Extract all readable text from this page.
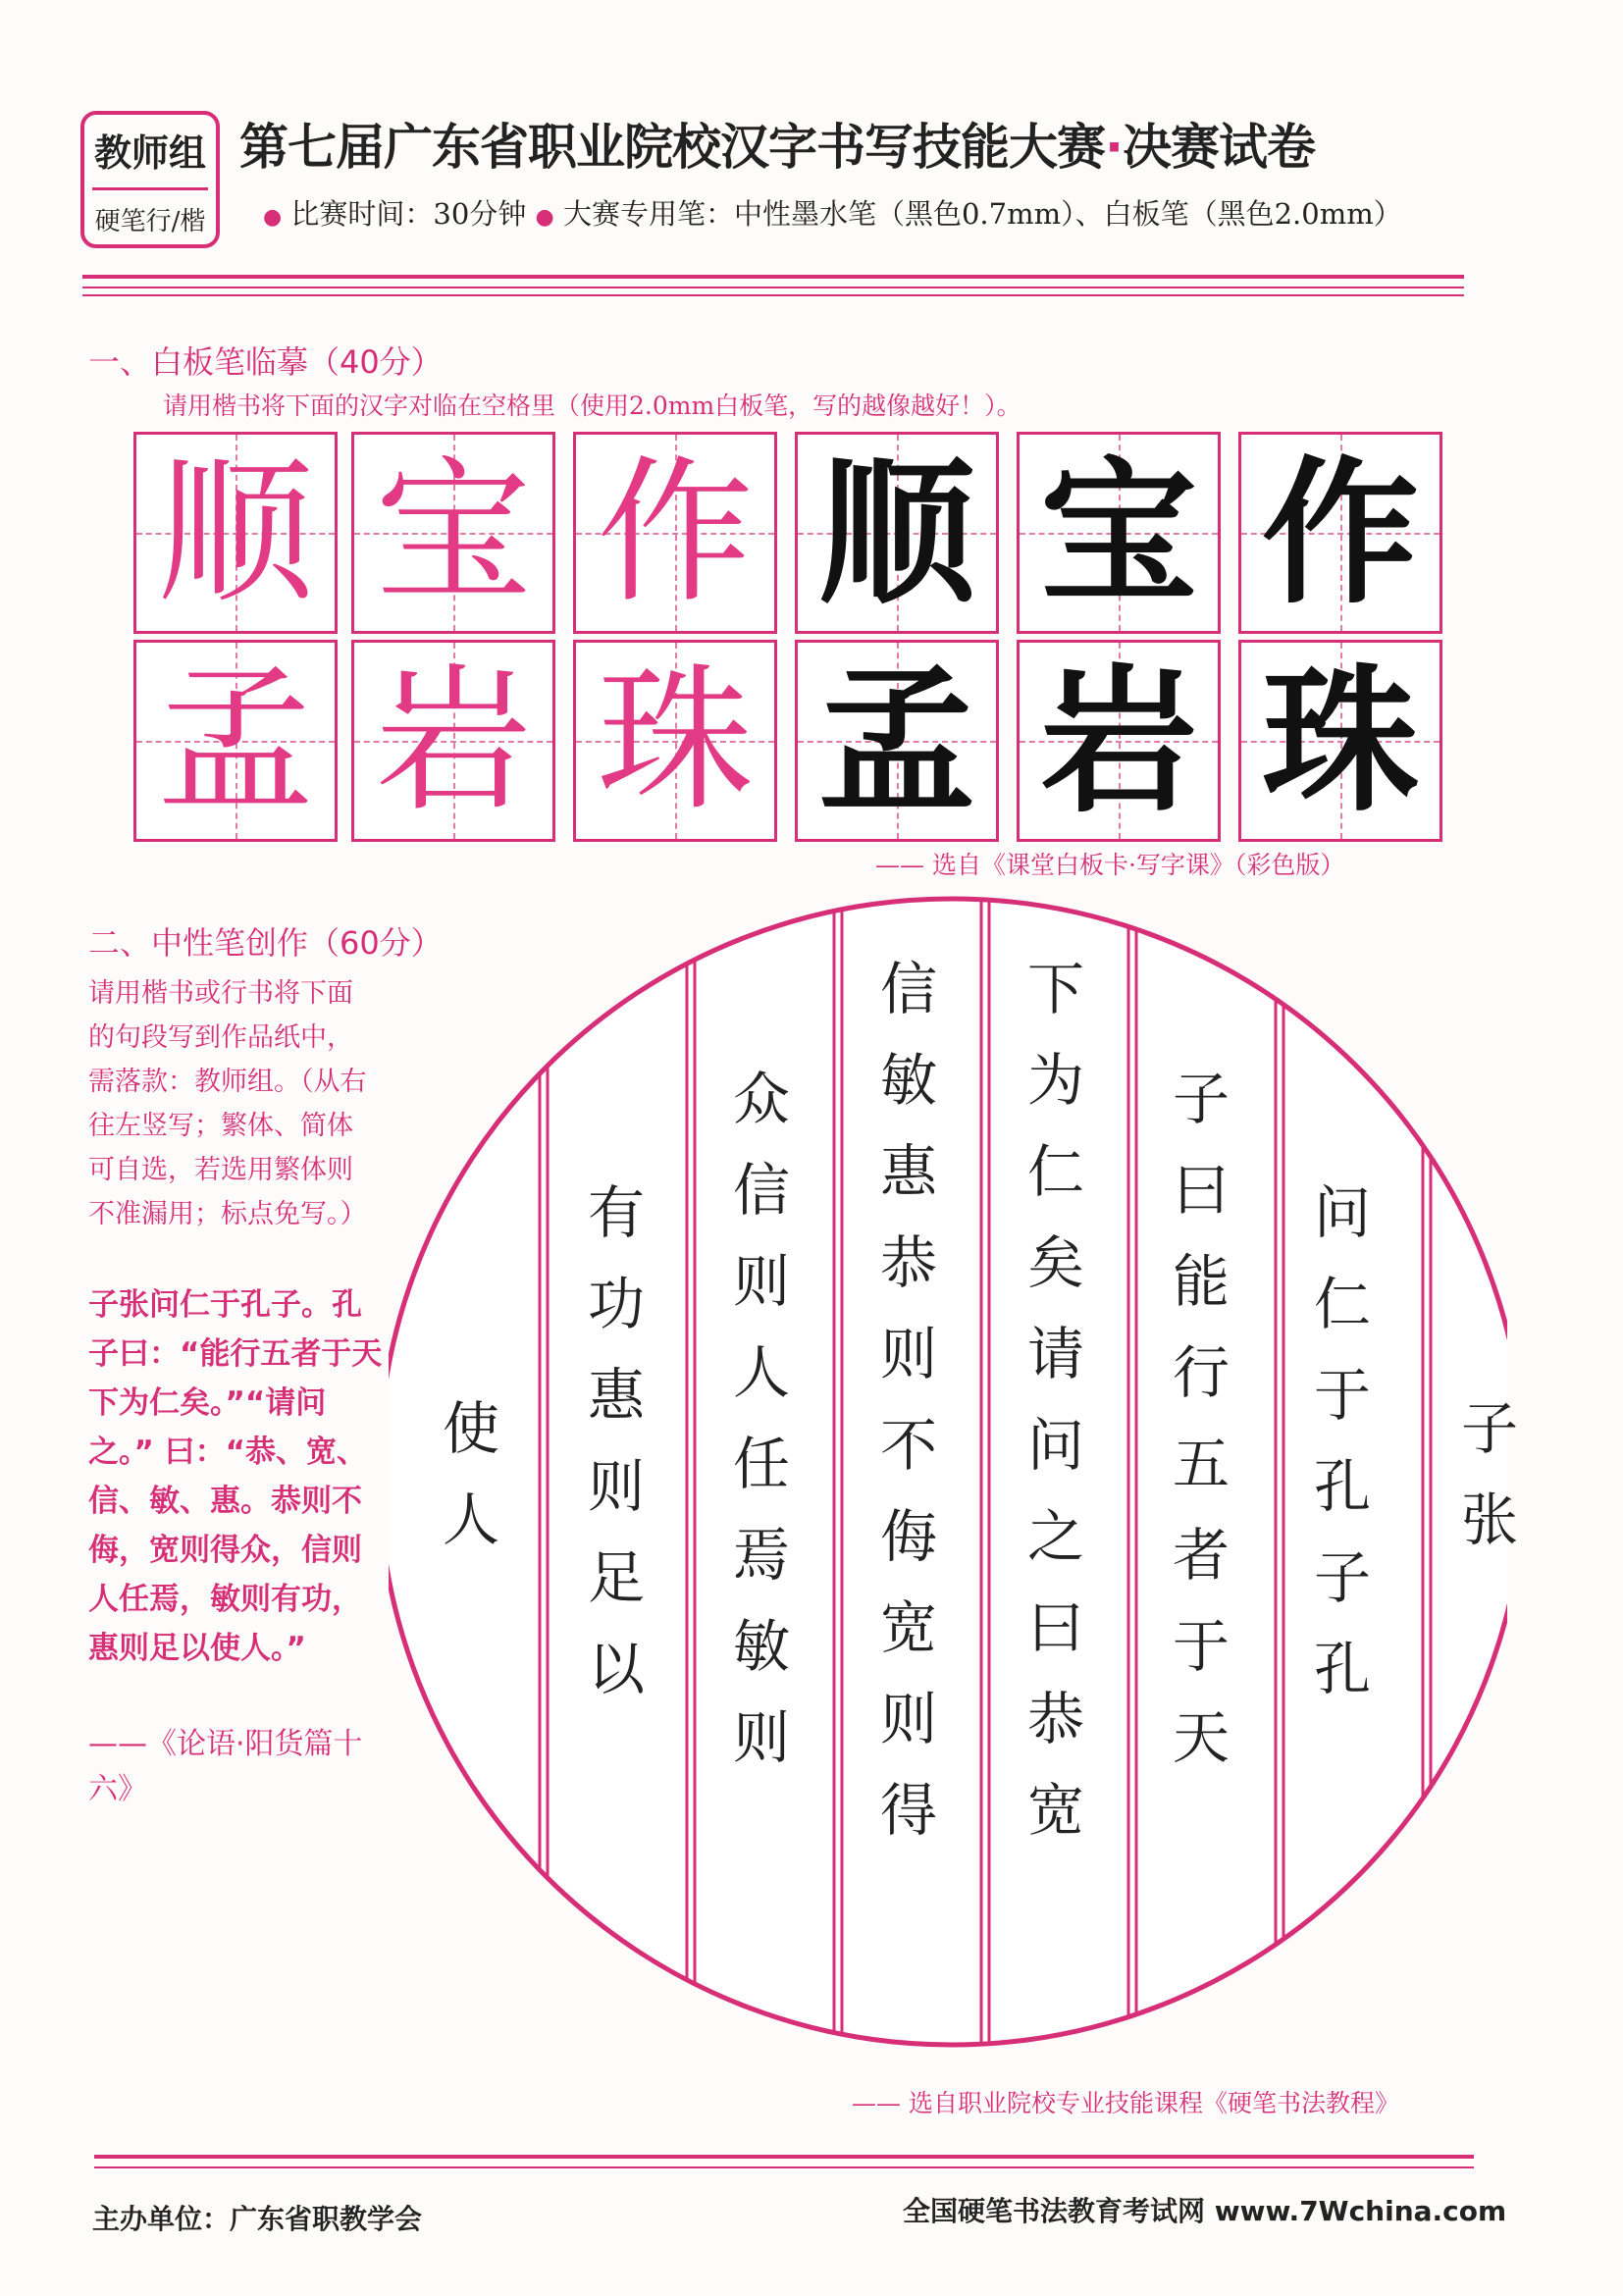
教师组
硬笔行/楷
第七届广东省职业院校汉字书写技能大赛·决赛试卷
● 比赛时间：30分钟 ● 大赛专用笔：中性墨水笔（黑色0.7mm）、白板笔（黑色2.0mm）
一、白板笔临摹（40分）
请用楷书将下面的汉字对临在空格里（使用2.0mm白板笔，写的越像越好！）。
顺 宝 作 顺 宝 作
孟 岩 珠 孟 岩 珠
—— 选自《课堂白板卡·写字课》（彩色版）
二、中性笔创作（60分）
请用楷书或行书将下面的句段写到作品纸中，需落款：教师组。（从右往左竖写；繁体、简体可自选，若选用繁体则不准漏用；标点免写。）
子张问仁于孔子。孔子曰：“能行五者于天下为仁矣。”“请问之。” 曰：“恭、宽、信、敏、惠。恭则不侮，宽则得众，信则人任焉，敏则有功，惠则足以使人。”
——《论语·阳货篇十六》
子
张
问
仁
于
孔
子
孔
子
曰
能
行
五
者
于
天
下
为
仁
矣
请
问
之
曰
恭
宽
信
敏
惠
恭
则
不
侮
宽
则
得
众
信
则
人
任
焉
敏
则
有
功
惠
则
足
以
使
人
—— 选自职业院校专业技能课程《硬笔书法教程》
主办单位：广东省职教学会	全国硬笔书法教育考试网 www.7Wchina.com
